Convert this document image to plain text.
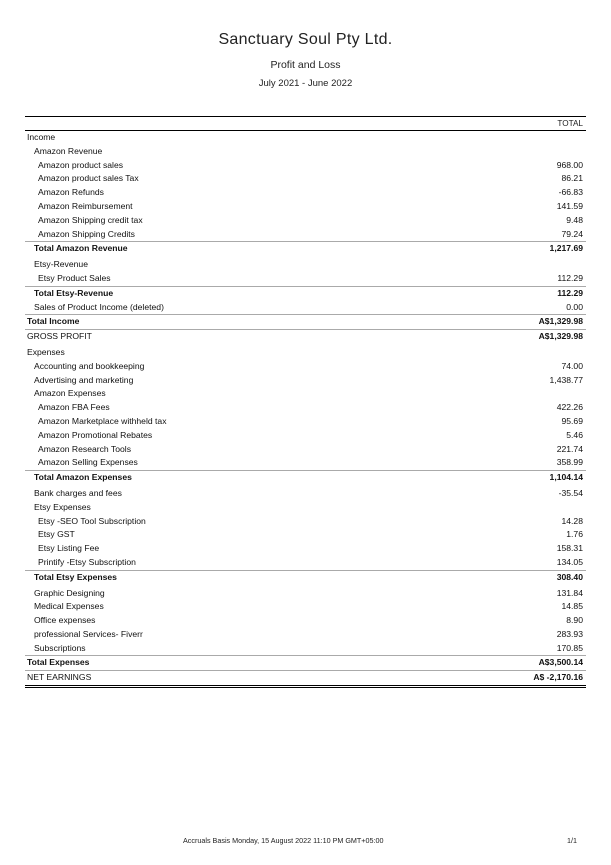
Sanctuary Soul Pty Ltd.
Profit and Loss
July 2021 - June 2022
TOTAL
Income
Amazon Revenue
Amazon product sales	968.00
Amazon product sales Tax	86.21
Amazon Refunds	-66.83
Amazon Reimbursement	141.59
Amazon Shipping credit tax	9.48
Amazon Shipping Credits	79.24
Total Amazon Revenue	1,217.69
Etsy-Revenue
Etsy Product Sales	112.29
Total Etsy-Revenue	112.29
Sales of Product Income (deleted)	0.00
Total Income	A$1,329.98
GROSS PROFIT	A$1,329.98
Expenses
Accounting and bookkeeping	74.00
Advertising and marketing	1,438.77
Amazon Expenses
Amazon FBA Fees	422.26
Amazon Marketplace withheld tax	95.69
Amazon Promotional Rebates	5.46
Amazon Research Tools	221.74
Amazon Selling Expenses	358.99
Total Amazon Expenses	1,104.14
Bank charges and fees	-35.54
Etsy Expenses
Etsy -SEO Tool Subscription	14.28
Etsy GST	1.76
Etsy Listing Fee	158.31
Printify -Etsy Subscription	134.05
Total Etsy Expenses	308.40
Graphic Designing	131.84
Medical Expenses	14.85
Office expenses	8.90
professional Services- Fiverr	283.93
Subscriptions	170.85
Total Expenses	A$3,500.14
NET EARNINGS	A$ -2,170.16
Accruals Basis Monday, 15 August 2022 11:10 PM GMT+05:00	1/1
